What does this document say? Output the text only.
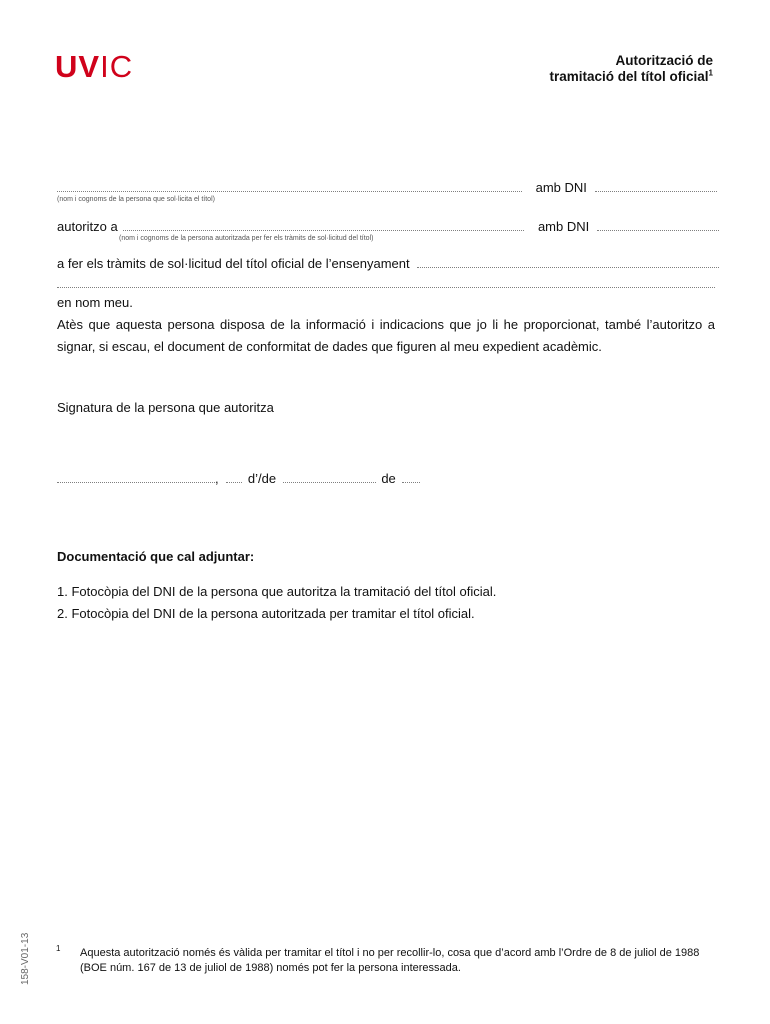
UVIC	Autorització de
tramitació del títol oficial$^1$
amb DNI
(nom i cognoms de la persona que sol·licita el títol)
autoritzo a	amb DNI
(nom i cognoms de la persona autoritzada per fer els tràmits de sol·licitud del títol)
a fer els tràmits de sol·licitud del títol oficial de l’ensenyament
en nom meu.
Atès que aquesta persona disposa de la informació i indicacions que jo li he proporcionat, també l’autoritzo a signar, si escau, el document de conformitat de dades que figuren al meu expedient acadèmic.
Signatura de la persona que autoritza
, d’/de	de
Documentació que cal adjuntar:
1. Fotocòpia del DNI de la persona que autoritza la tramitació del títol oficial.
2. Fotocòpia del DNI de la persona autoritzada per tramitar el títol oficial.
1 Aquesta autorització només és vàlida per tramitar el títol i no per recollir-lo, cosa que d’acord amb l’Ordre de 8 de juliol de 1988 (BOE núm. 167 de 13 de juliol de 1988) només pot fer la persona interessada.
158-V01-13
